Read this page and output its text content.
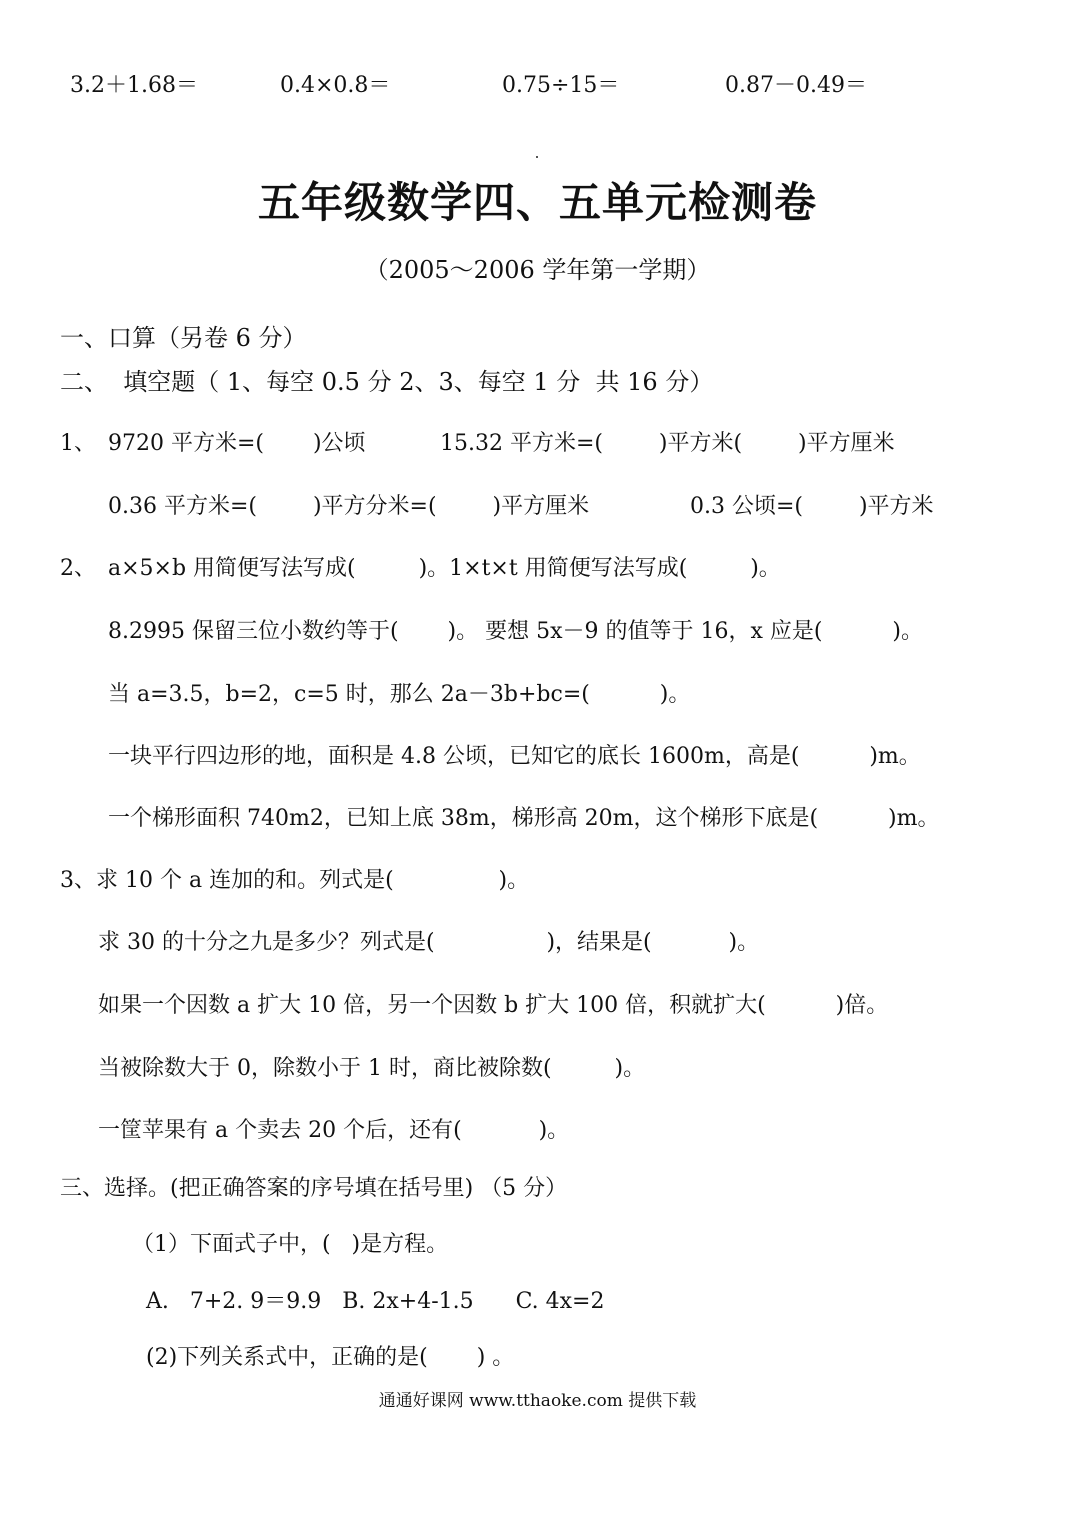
3.2＋1.68＝	0.4×0.8＝	0.75÷15＝	0.87－0.49＝
五年级数学四、五单元检测卷
（2005～2006 学年第一学期）
一、口算（另卷 6 分）
二、  填空题（ 1、每空 0.5 分 2、3、每空 1 分  共 16 分）
1、 9720 平方米=(       )公顷	15.32 平方米=(        )平方米(        )平方厘米
0.36 平方米=(        )平方分米=(        )平方厘米	0.3 公顷=(        )平方米
2、 a×5×b 用简便写法写成(         )。1×t×t 用简便写法写成(         )。
8.2995 保留三位小数约等于(       )。 要想 5x－9 的值等于 16，x 应是(          )。
当 a=3.5，b=2，c=5 时，那么 2a－3b+bc=(          )。
一块平行四边形的地，面积是 4.8 公顷，已知它的底长 1600m，高是(          )m。
一个梯形面积 740m2，已知上底 38m，梯形高 20m，这个梯形下底是(          )m。
3、求 10 个 a 连加的和。列式是(               )。
求 30 的十分之九是多少？列式是(                )，结果是(           )。
如果一个因数 a 扩大 10 倍，另一个因数 b 扩大 100 倍，积就扩大(          )倍。
当被除数大于 0，除数小于 1 时，商比被除数(         )。
一筐苹果有 a 个卖去 20 个后，还有(           )。
三、选择。(把正确答案的序号填在括号里) （5 分）
（1）下面式子中，(   )是方程。
A.   7+2. 9＝9.9   B. 2x+4-1.5      C. 4x=2
(2)下列关系式中，正确的是(       ) 。
通通好课网 www.tthaoke.com 提供下载
